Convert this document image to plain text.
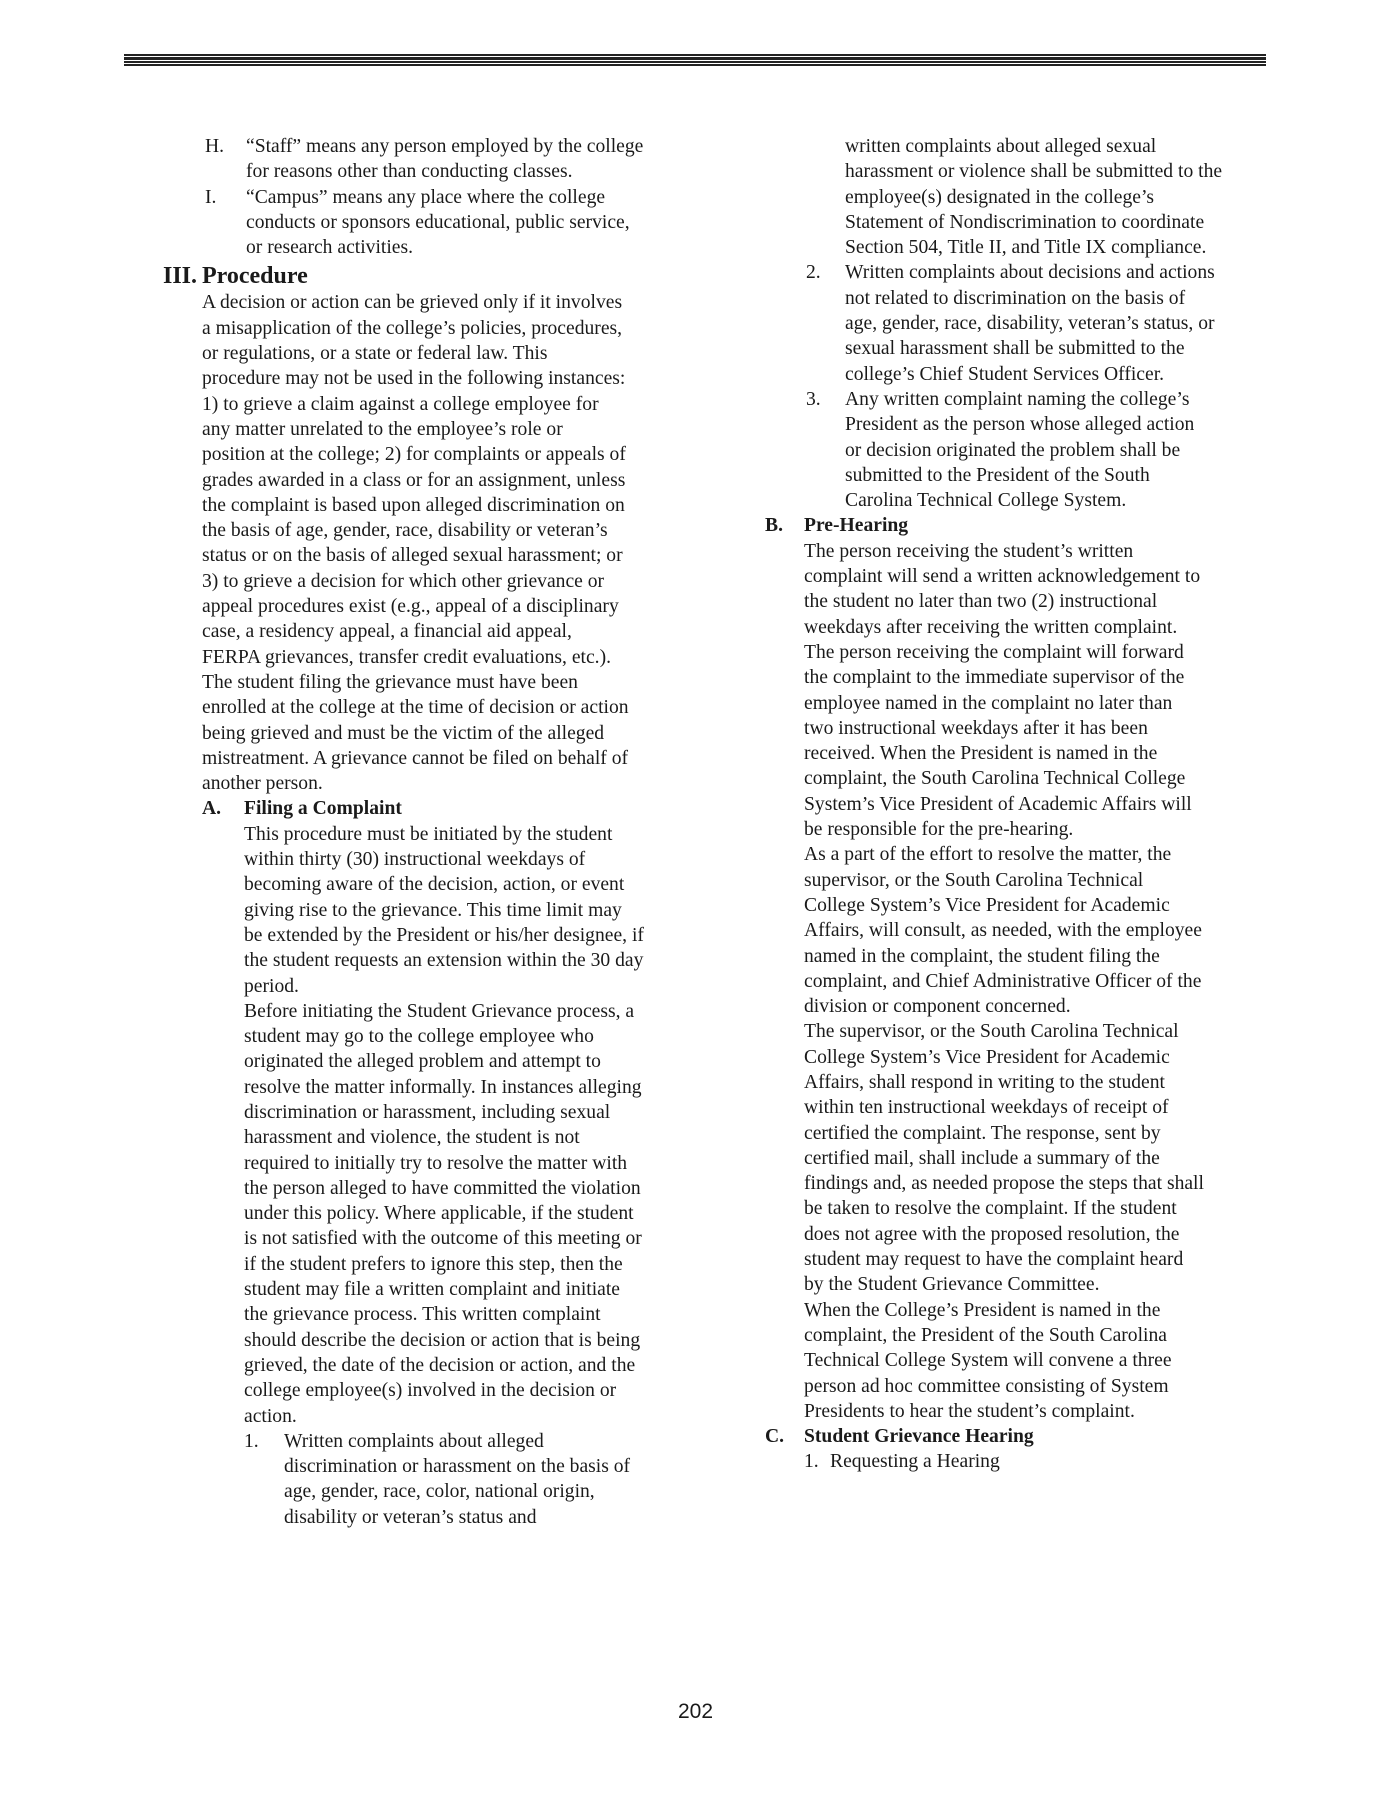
H. “Staff” means any person employed by the college for reasons other than conducting classes.

I. “Campus” means any place where the college conducts or sponsors educational, public service, or research activities.

III. Procedure

A decision or action can be grieved only if it involves a misapplication of the college’s policies, procedures, or regulations, or a state or federal law. This procedure may not be used in the following instances: 1) to grieve a claim against a college employee for any matter unrelated to the employee’s role or position at the college; 2) for complaints or appeals of grades awarded in a class or for an assignment, unless the complaint is based upon alleged discrimination on the basis of age, gender, race, disability or veteran’s status or on the basis of alleged sexual harassment; or 3) to grieve a decision for which other grievance or appeal procedures exist (e.g., appeal of a disciplinary case, a residency appeal, a financial aid appeal, FERPA grievances, transfer credit evaluations, etc.).

The student filing the grievance must have been enrolled at the college at the time of decision or action being grieved and must be the victim of the alleged mistreatment. A grievance cannot be filed on behalf of another person.

A. Filing a Complaint

This procedure must be initiated by the student within thirty (30) instructional weekdays of becoming aware of the decision, action, or event giving rise to the grievance. This time limit may be extended by the President or his/her designee, if the student requests an extension within the 30 day period.

Before initiating the Student Grievance process, a student may go to the college employee who originated the alleged problem and attempt to resolve the matter informally. In instances alleging discrimination or harassment, including sexual harassment and violence, the student is not required to initially try to resolve the matter with the person alleged to have committed the violation under this policy. Where applicable, if the student is not satisfied with the outcome of this meeting or if the student prefers to ignore this step, then the student may file a written complaint and initiate the grievance process. This written complaint should describe the decision or action that is being grieved, the date of the decision or action, and the college employee(s) involved in the decision or action.

1. Written complaints about alleged discrimination or harassment on the basis of age, gender, race, color, national origin, disability or veteran’s status and

written complaints about alleged sexual harassment or violence shall be submitted to the employee(s) designated in the college’s Statement of Nondiscrimination to coordinate Section 504, Title II, and Title IX compliance.

2. Written complaints about decisions and actions not related to discrimination on the basis of age, gender, race, disability, veteran’s status, or sexual harassment shall be submitted to the college’s Chief Student Services Officer.

3. Any written complaint naming the college’s President as the person whose alleged action or decision originated the problem shall be submitted to the President of the South Carolina Technical College System.

B. Pre-Hearing

The person receiving the student’s written complaint will send a written acknowledgement to the student no later than two (2) instructional weekdays after receiving the written complaint.

The person receiving the complaint will forward the complaint to the immediate supervisor of the employee named in the complaint no later than two instructional weekdays after it has been received. When the President is named in the complaint, the South Carolina Technical College System’s Vice President of Academic Affairs will be responsible for the pre-hearing.

As a part of the effort to resolve the matter, the supervisor, or the South Carolina Technical College System’s Vice President for Academic Affairs, will consult, as needed, with the employee named in the complaint, the student filing the complaint, and Chief Administrative Officer of the division or component concerned.

The supervisor, or the South Carolina Technical College System’s Vice President for Academic Affairs, shall respond in writing to the student within ten instructional weekdays of receipt of certified the complaint. The response, sent by certified mail, shall include a summary of the findings and, as needed propose the steps that shall be taken to resolve the complaint. If the student does not agree with the proposed resolution, the student may request to have the complaint heard by the Student Grievance Committee.

When the College’s President is named in the complaint, the President of the South Carolina Technical College System will convene a three person ad hoc committee consisting of System Presidents to hear the student’s complaint.

C. Student Grievance Hearing
1. Requesting a Hearing
202
